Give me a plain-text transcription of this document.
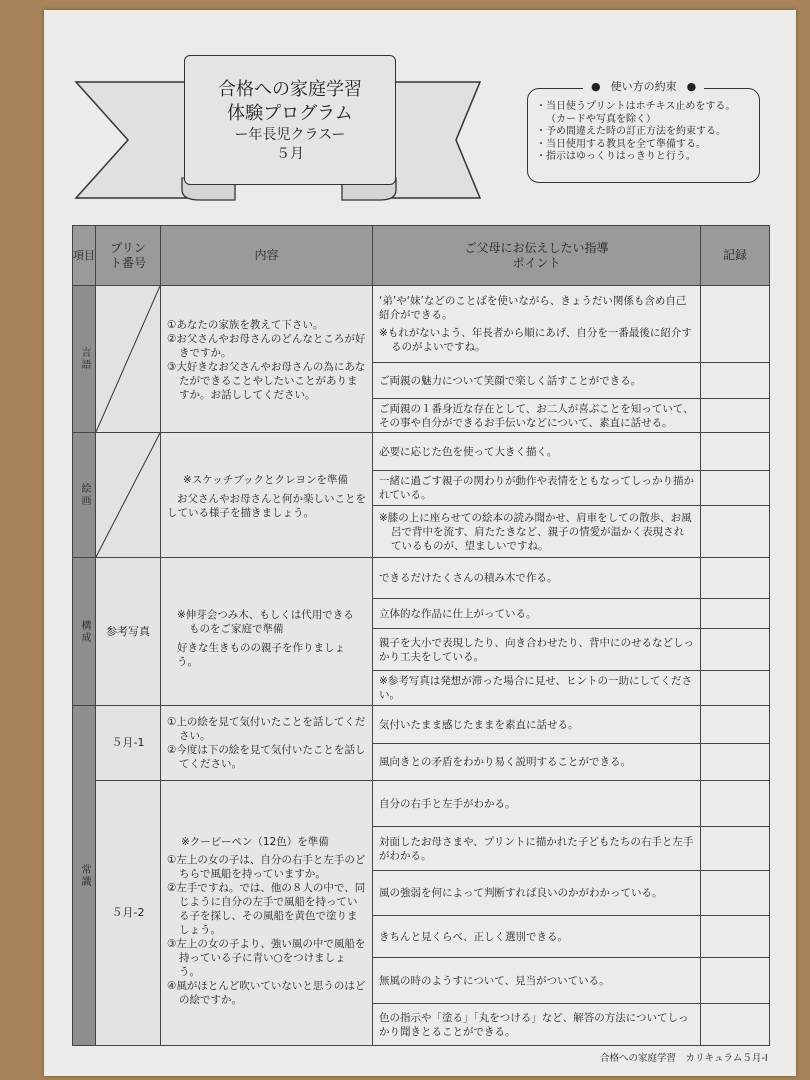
合格への家庭学習
体験プログラム
ー年長児クラスー
５月
● 使い方の約束 ●
・当日使うプリントはホチキス止めをする。
（カードや写真を除く）
・予め間違えた時の訂正方法を約束する。
・当日使用する教具を全て準備する。
・指示はゆっくりはっきりと行う。
項目
プリント番号
内容
ご父母にお伝えしたい指導ポイント
記録
言語
絵画
構成
常識
参考写真
５月-1
５月-2
①あなたの家族を教えて下さい。
②お父さんやお母さんのどんなところが好きですか。
③大好きなお父さんやお母さんの為にあなたができることやしたいことがありますか。お話ししてください。
※スケッチブックとクレヨンを準備
お父さんやお母さんと何か楽しいことをしている様子を描きましょう。
※伸芽会つみ木、もしくは代用できるものをご家庭で準備
好きな生きものの親子を作りましょう。
①上の絵を見て気付いたことを話してください。
②今度は下の絵を見て気付いたことを話してください。
※クーピーペン（12色）を準備
①左上の女の子は、自分の右手と左手のどちらで風船を持っていますか。
②左手ですね。では、他の８人の中で、同じように自分の左手で風船を持っている子を探し、その風船を黄色で塗りましょう。
③左上の女の子より、強い風の中で風船を持っている子に青い○をつけましょう。
④風がほとんど吹いていないと思うのはどの絵ですか。
‘弟’や‘妹’などのことばを使いながら、きょうだい関係も含め自己紹介ができる。
※もれがないよう、年長者から順にあげ、自分を一番最後に紹介するのがよいですね。
ご両親の魅力について笑顔で楽しく話すことができる。
ご両親の１番身近な存在として、お二人が喜ぶことを知っていて、その事や自分ができるお手伝いなどについて、素直に話せる。
必要に応じた色を使って大きく描く。
一緒に過ごす親子の関わりが動作や表情をともなってしっかり描かれている。
※膝の上に座らせての絵本の読み聞かせ、肩車をしての散歩、お風呂で背中を流す、肩たたきなど、親子の情愛が温かく表現されているものが、望ましいですね。
できるだけたくさんの積み木で作る。
立体的な作品に仕上がっている。
親子を大小で表現したり、向き合わせたり、背中にのせるなどしっかり工夫をしている。
※参考写真は発想が滞った場合に見せ、ヒントの一助にしてください。
気付いたまま感じたままを素直に話せる。
風向きとの矛盾をわかり易く説明することができる。
自分の右手と左手がわかる。
対面したお母さまや、プリントに描かれた子どもたちの右手と左手がわかる。
風の強弱を何によって判断すれば良いのかがわかっている。
きちんと見くらべ、正しく選別できる。
無風の時のようすについて、見当がついている。
色の指示や「塗る」「丸をつける」など、解答の方法についてしっかり聞きとることができる。
合格への家庭学習　カリキュラム５月-Ⅰ
